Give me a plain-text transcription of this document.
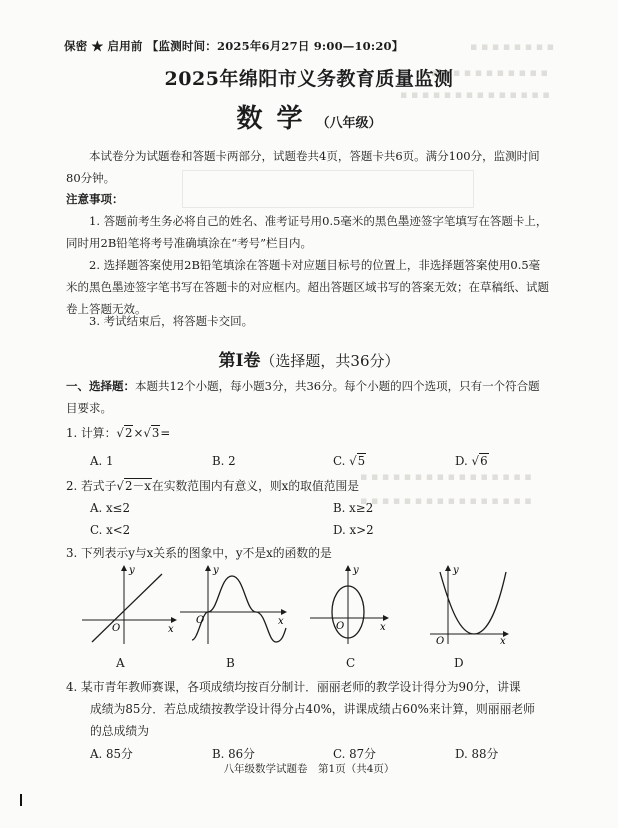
▪ ▪ ▪ ▪ ▪ ▪ ▪ ▪
▪ ▪ ▪ ▪ ▪ ▪ ▪ ▪ ▪ ▪ ▪ ▪
▪ ▪ ▪ ▪ ▪ ▪ ▪ ▪ ▪ ▪ ▪ ▪ ▪ ▪
▪ ▪ ▪ ▪ ▪ ▪ ▪ ▪ ▪ ▪ ▪ ▪ ▪ ▪ ▪ ▪
▪ ▪ ▪ ▪ ▪ ▪ ▪ ▪ ▪ ▪ ▪ ▪ ▪ ▪ ▪ ▪
保密 ★ 启用前 【监测时间：2025年6月27日 9:00—10:20】
2025年绵阳市义务教育质量监测
数学（八年级）
本试卷分为试题卷和答题卡两部分，试题卷共4页，答题卡共6页。满分100分，监测时间80分钟。
注意事项：
1. 答题前考生务必将自己的姓名、准考证号用0.5毫米的黑色墨迹签字笔填写在答题卡上，同时用2B铅笔将考号准确填涂在“考号”栏目内。
2. 选择题答案使用2B铅笔填涂在答题卡对应题目标号的位置上，非选择题答案使用0.5毫米的黑色墨迹签字笔书写在答题卡的对应框内。超出答题区域书写的答案无效；在草稿纸、试题卷上答题无效。
3. 考试结束后，将答题卡交回。
第Ⅰ卷（选择题，共36分）
一、选择题：本题共12个小题，每小题3分，共36分。每个小题的四个选项，只有一个符合题目要求。
1. 计算：√2×√3=
A. 1	B. 2	C. √5	D. √6
2. 若式子√2－x在实数范围内有意义，则x的取值范围是
A. x≤2	B. x≥2
C. x<2	D. x>2
3. 下列表示y与x关系的图象中，y不是x的函数的是
y
x
O
y
x
O
y
x
O
y
x
O
A	B	C	D
4. 某市青年教师赛课，各项成绩均按百分制计．丽丽老师的教学设计得分为90分，讲课
成绩为85分．若总成绩按教学设计得分占40%，讲课成绩占60%来计算，则丽丽老师
的总成绩为
A. 85分	B. 86分	C. 87分	D. 88分
八年级数学试题卷　第1页（共4页）
